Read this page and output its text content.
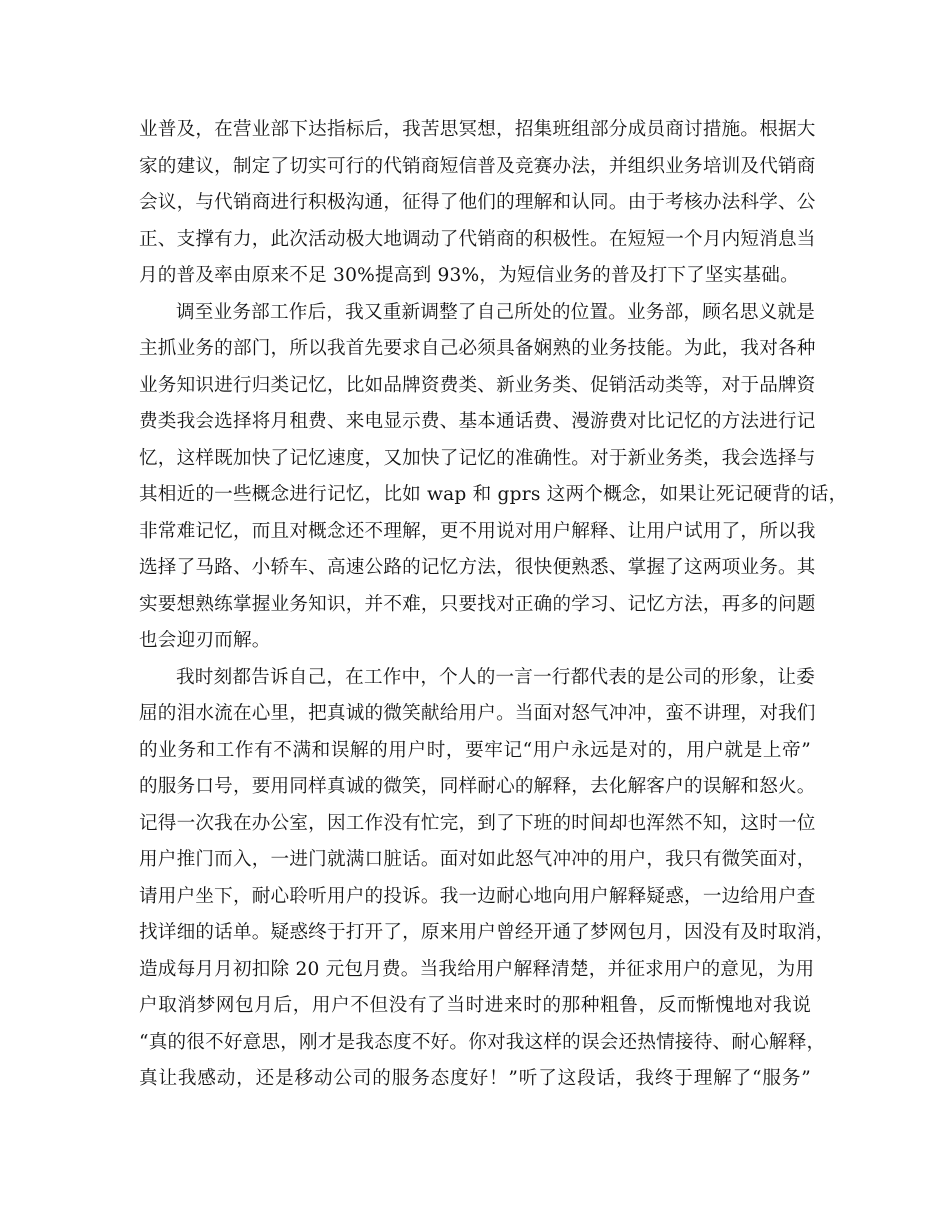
业普及，在营业部下达指标后，我苦思冥想，招集班组部分成员商讨措施。根据大
家的建议，制定了切实可行的代销商短信普及竞赛办法，并组织业务培训及代销商
会议，与代销商进行积极沟通，征得了他们的理解和认同。由于考核办法科学、公
正、支撑有力，此次活动极大地调动了代销商的积极性。在短短一个月内短消息当
月的普及率由原来不足 30%提高到 93%，为短信业务的普及打下了坚实基础。
调至业务部工作后，我又重新调整了自己所处的位置。业务部，顾名思义就是
主抓业务的部门，所以我首先要求自己必须具备娴熟的业务技能。为此，我对各种
业务知识进行归类记忆，比如品牌资费类、新业务类、促销活动类等，对于品牌资
费类我会选择将月租费、来电显示费、基本通话费、漫游费对比记忆的方法进行记
忆，这样既加快了记忆速度，又加快了记忆的准确性。对于新业务类，我会选择与
其相近的一些概念进行记忆，比如 wap 和 gprs 这两个概念，如果让死记硬背的话，
非常难记忆，而且对概念还不理解，更不用说对用户解释、让用户试用了，所以我
选择了马路、小轿车、高速公路的记忆方法，很快便熟悉、掌握了这两项业务。其
实要想熟练掌握业务知识，并不难，只要找对正确的学习、记忆方法，再多的问题
也会迎刃而解。
我时刻都告诉自己，在工作中，个人的一言一行都代表的是公司的形象，让委
屈的泪水流在心里，把真诚的微笑献给用户。当面对怒气冲冲，蛮不讲理，对我们
的业务和工作有不满和误解的用户时，要牢记“用户永远是对的，用户就是上帝”
的服务口号，要用同样真诚的微笑，同样耐心的解释，去化解客户的误解和怒火。
记得一次我在办公室，因工作没有忙完，到了下班的时间却也浑然不知，这时一位
用户推门而入，一进门就满口脏话。面对如此怒气冲冲的用户，我只有微笑面对，
请用户坐下，耐心聆听用户的投诉。我一边耐心地向用户解释疑惑，一边给用户查
找详细的话单。疑惑终于打开了，原来用户曾经开通了梦网包月，因没有及时取消，
造成每月月初扣除 20 元包月费。当我给用户解释清楚，并征求用户的意见，为用
户取消梦网包月后，用户不但没有了当时进来时的那种粗鲁，反而惭愧地对我说
“真的很不好意思，刚才是我态度不好。你对我这样的误会还热情接待、耐心解释，
真让我感动，还是移动公司的服务态度好！”听了这段话，我终于理解了“服务”
